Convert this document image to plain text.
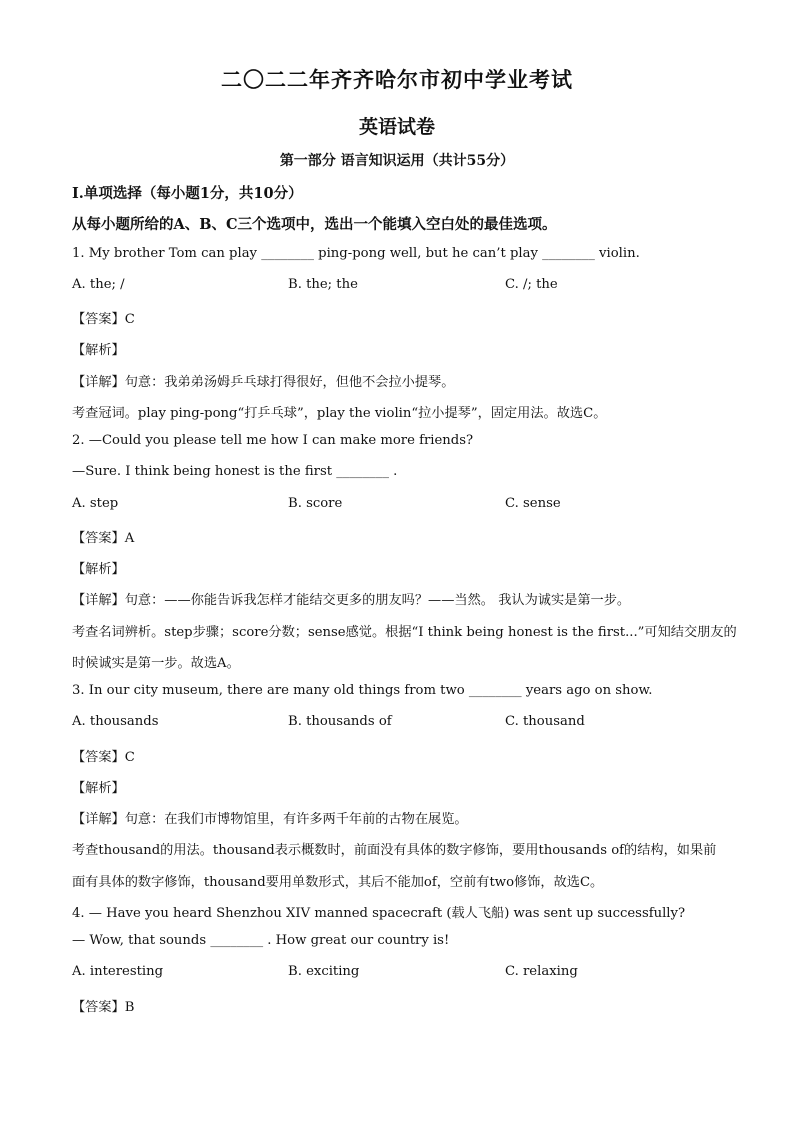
二〇二二年齐齐哈尔市初中学业考试
英语试卷
第一部分 语言知识运用（共计55分）
Ⅰ.单项选择（每小题1分，共10分）
从每小题所给的A、B、C三个选项中，选出一个能填入空白处的最佳选项。
1. My brother Tom can play ________ ping-pong well, but he can’t play ________ violin.
A. the; /	B. the; the	C. /; the
【答案】C
【解析】
【详解】句意：我弟弟汤姆乒乓球打得很好，但他不会拉小提琴。
考查冠词。play ping-pong“打乒乓球”，play the violin“拉小提琴”，固定用法。故选C。
2. —Could you please tell me how I can make more friends?
—Sure. I think being honest is the first ________ .
A. step	B. score	C. sense
【答案】A
【解析】
【详解】句意：——你能告诉我怎样才能结交更多的朋友吗？——当然。 我认为诚实是第一步。
考查名词辨析。step步骤；score分数；sense感觉。根据“I think being honest is the first...”可知结交朋友的
时候诚实是第一步。故选A。
3. In our city museum, there are many old things from two ________ years ago on show.
A. thousands	B. thousands of	C. thousand
【答案】C
【解析】
【详解】句意：在我们市博物馆里，有许多两千年前的古物在展览。
考查thousand的用法。thousand表示概数时，前面没有具体的数字修饰，要用thousands of的结构，如果前
面有具体的数字修饰，thousand要用单数形式，其后不能加of，空前有two修饰，故选C。
4. — Have you heard Shenzhou XIV manned spacecraft (载人飞船) was sent up successfully?
— Wow, that sounds ________ . How great our country is!
A. interesting	B. exciting	C. relaxing
【答案】B
